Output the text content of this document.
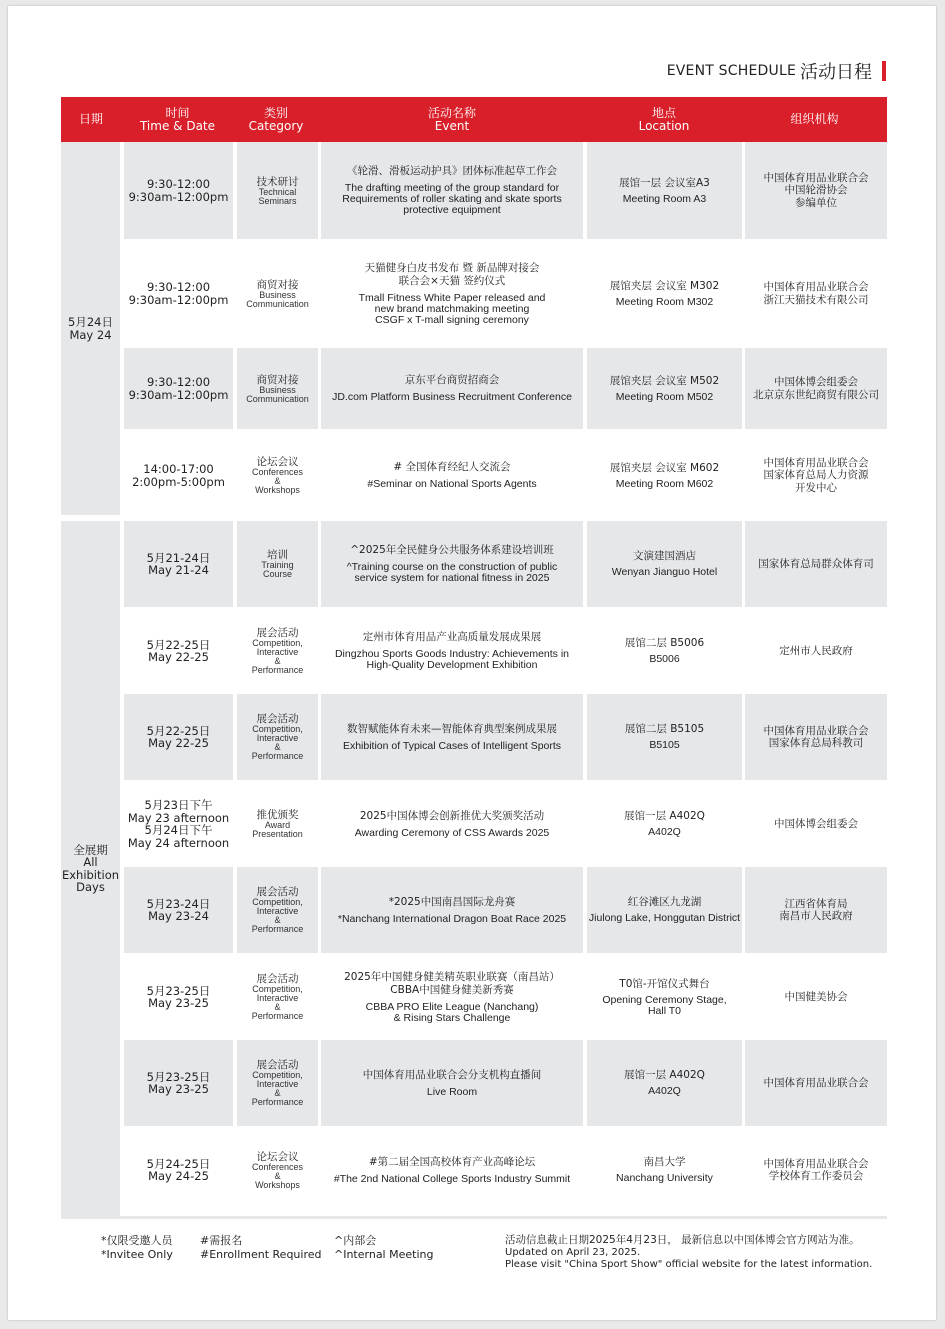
EVENT SCHEDULE 活动日程
日期	时间
Time & Date
类别
Category
活动名称
Event
地点
Location	组织机构
5月24日
May 24
全展期
All
Exhibition
Days
9:30-12:00
9:30am-12:00pm
技术研讨
Technical
Seminars
《轮滑、滑板运动护具》团体标准起草工作会
The drafting meeting of the group standard for
Requirements of roller skating and skate sports
protective equipment
展馆一层 会议室A3
Meeting Room A3
中国体育用品业联合会
中国轮滑协会
参编单位
9:30-12:00
9:30am-12:00pm
商贸对接
Business
Communication
天猫健身白皮书发布 暨 新品牌对接会
联合会×天猫 签约仪式
Tmall Fitness White Paper released and
new brand matchmaking meeting
CSGF x T-mall signing ceremony
展馆夹层 会议室 M302
Meeting Room M302
中国体育用品业联合会
浙江天猫技术有限公司
9:30-12:00
9:30am-12:00pm
商贸对接
Business
Communication
京东平台商贸招商会
JD.com Platform Business Recruitment Conference
展馆夹层 会议室 M502
Meeting Room M502
中国体博会组委会
北京京东世纪商贸有限公司
14:00-17:00
2:00pm-5:00pm
论坛会议
Conferences
&
Workshops
# 全国体育经纪人交流会
#Seminar on National Sports Agents
展馆夹层 会议室 M602
Meeting Room M602
中国体育用品业联合会
国家体育总局人力资源
开发中心
5月21-24日
May 21-24
培训
Training
Course
^2025年全民健身公共服务体系建设培训班
^Training course on the construction of public
service system for national fitness in 2025
文演建国酒店
Wenyan Jianguo Hotel
国家体育总局群众体育司
5月22-25日
May 22-25
展会活动
Competition,
Interactive
&
Performance
定州市体育用品产业高质量发展成果展
Dingzhou Sports Goods Industry: Achievements in
High-Quality Development Exhibition
展馆二层 B5006
B5006
定州市人民政府
5月22-25日
May 22-25
展会活动
Competition,
Interactive
&
Performance
数智赋能体育未来—智能体育典型案例成果展
Exhibition of Typical Cases of Intelligent Sports
展馆二层 B5105
B5105
中国体育用品业联合会
国家体育总局科教司
5月23日下午
May 23 afternoon
5月24日下午
May 24 afternoon
推优颁奖
Award
Presentation
2025中国体博会创新推优大奖颁奖活动
Awarding Ceremony of CSS Awards 2025
展馆一层 A402Q
A402Q
中国体博会组委会
5月23-24日
May 23-24
展会活动
Competition,
Interactive
&
Performance
*2025中国南昌国际龙舟赛
*Nanchang International Dragon Boat Race 2025
红谷滩区九龙湖
Jiulong Lake, Honggutan District
江西省体育局
南昌市人民政府
5月23-25日
May 23-25
展会活动
Competition,
Interactive
&
Performance
2025年中国健身健美精英职业联赛（南昌站）
CBBA中国健身健美新秀赛
CBBA PRO Elite League (Nanchang)
& Rising Stars Challenge
T0馆-开馆仪式舞台
Opening Ceremony Stage,
Hall T0
中国健美协会
5月23-25日
May 23-25
展会活动
Competition,
Interactive
&
Performance
中国体育用品业联合会分支机构直播间
Live Room
展馆一层 A402Q
A402Q
中国体育用品业联合会
5月24-25日
May 24-25
论坛会议
Conferences
&
Workshops
#第二届全国高校体育产业高峰论坛
#The 2nd National College Sports Industry Summit
南昌大学
Nanchang University
中国体育用品业联合会
学校体育工作委员会
*仅限受邀人员
*Invitee Only
#需报名
#Enrollment Required
^内部会
^Internal Meeting
活动信息截止日期2025年4月23日， 最新信息以中国体博会官方网站为准。
Updated on April 23, 2025.
Please visit "China Sport Show" official website for the latest information.
